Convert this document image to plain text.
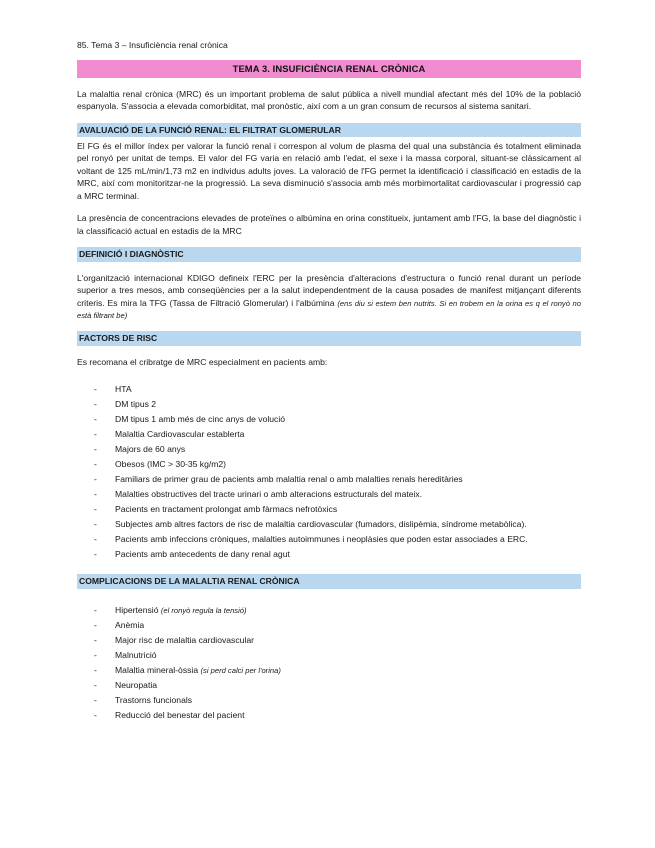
85. Tema 3 – Insuficiència renal crònica
TEMA 3. INSUFICIÈNCIA RENAL CRÒNICA

La malaltia renal crònica (MRC) és un important problema de salut pública a nivell mundial afectant més del 10% de la població espanyola. S'associa a elevada comorbiditat, mal pronòstic, així com a un gran consum de recursos al sistema sanitari.

AVALUACIÓ DE LA FUNCIÓ RENAL: EL FILTRAT GLOMERULAR

El FG és el millor índex per valorar la funció renal i correspon al volum de plasma del qual una substància és totalment eliminada pel ronyó per unitat de temps. El valor del FG varia en relació amb l'edat, el sexe i la massa corporal, situant-se clàssicament al voltant de 125 mL/min/1,73 m2 en individus adults joves. La valoració de l'FG permet la identificació i classificació en estadis de la MRC, així com monitoritzar-ne la progressió. La seva disminució s'associa amb més morbimortalitat cardiovascular i progressió cap a MRC terminal.

La presència de concentracions elevades de proteïnes o albúmina en orina constitueix, juntament amb l'FG, la base del diagnòstic i la classificació actual en estadis de la MRC

DEFINICIÓ I DIAGNÒSTIC

L'organització internacional KDIGO defineix l'ERC per la presència d'alteracions d'estructura o funció renal durant un període superior a tres mesos, amb conseqüències per a la salut independentment de la causa posades de manifest mitjançant diferents criteris. Es mira la TFG (Tassa de Filtració Glomerular) i l'albúmina (ens diu si estem ben nutrits. Si en trobem en la orina es q el ronyò no està filtrant be)

FACTORS DE RISC

Es recomana el cribratge de MRC especialment en pacients amb:

- HTA
- DM tipus 2
- DM tipus 1 amb més de cinc anys de volució
- Malaltia Cardiovascular establerta
- Majors de 60 anys
- Obesos (IMC > 30-35 kg/m2)
- Familiars de primer grau de pacients amb malaltia renal o amb malalties renals hereditàries
- Malalties obstructives del tracte urinari o amb alteracions estructurals del mateix.
- Pacients en tractament prolongat amb fàrmacs nefrotòxics
- Subjectes amb altres factors de risc de malaltia cardiovascular (fumadors, dislipèmia, síndrome metabòlica).
- Pacients amb infeccions cròniques, malalties autoimmunes i neoplàsies que poden estar associades a ERC.
- Pacients amb antecedents de dany renal agut
COMPLICACIONS DE LA MALALTIA RENAL CRÒNICA
- Hipertensió (el ronyò regula la tensió)
- Anèmia
- Major risc de malaltia cardiovascular
- Malnutrició
- Malaltia mineral-òssia (si perd calci per l'orina)
- Neuropatia
- Trastorns funcionals
- Reducció del benestar del pacient
